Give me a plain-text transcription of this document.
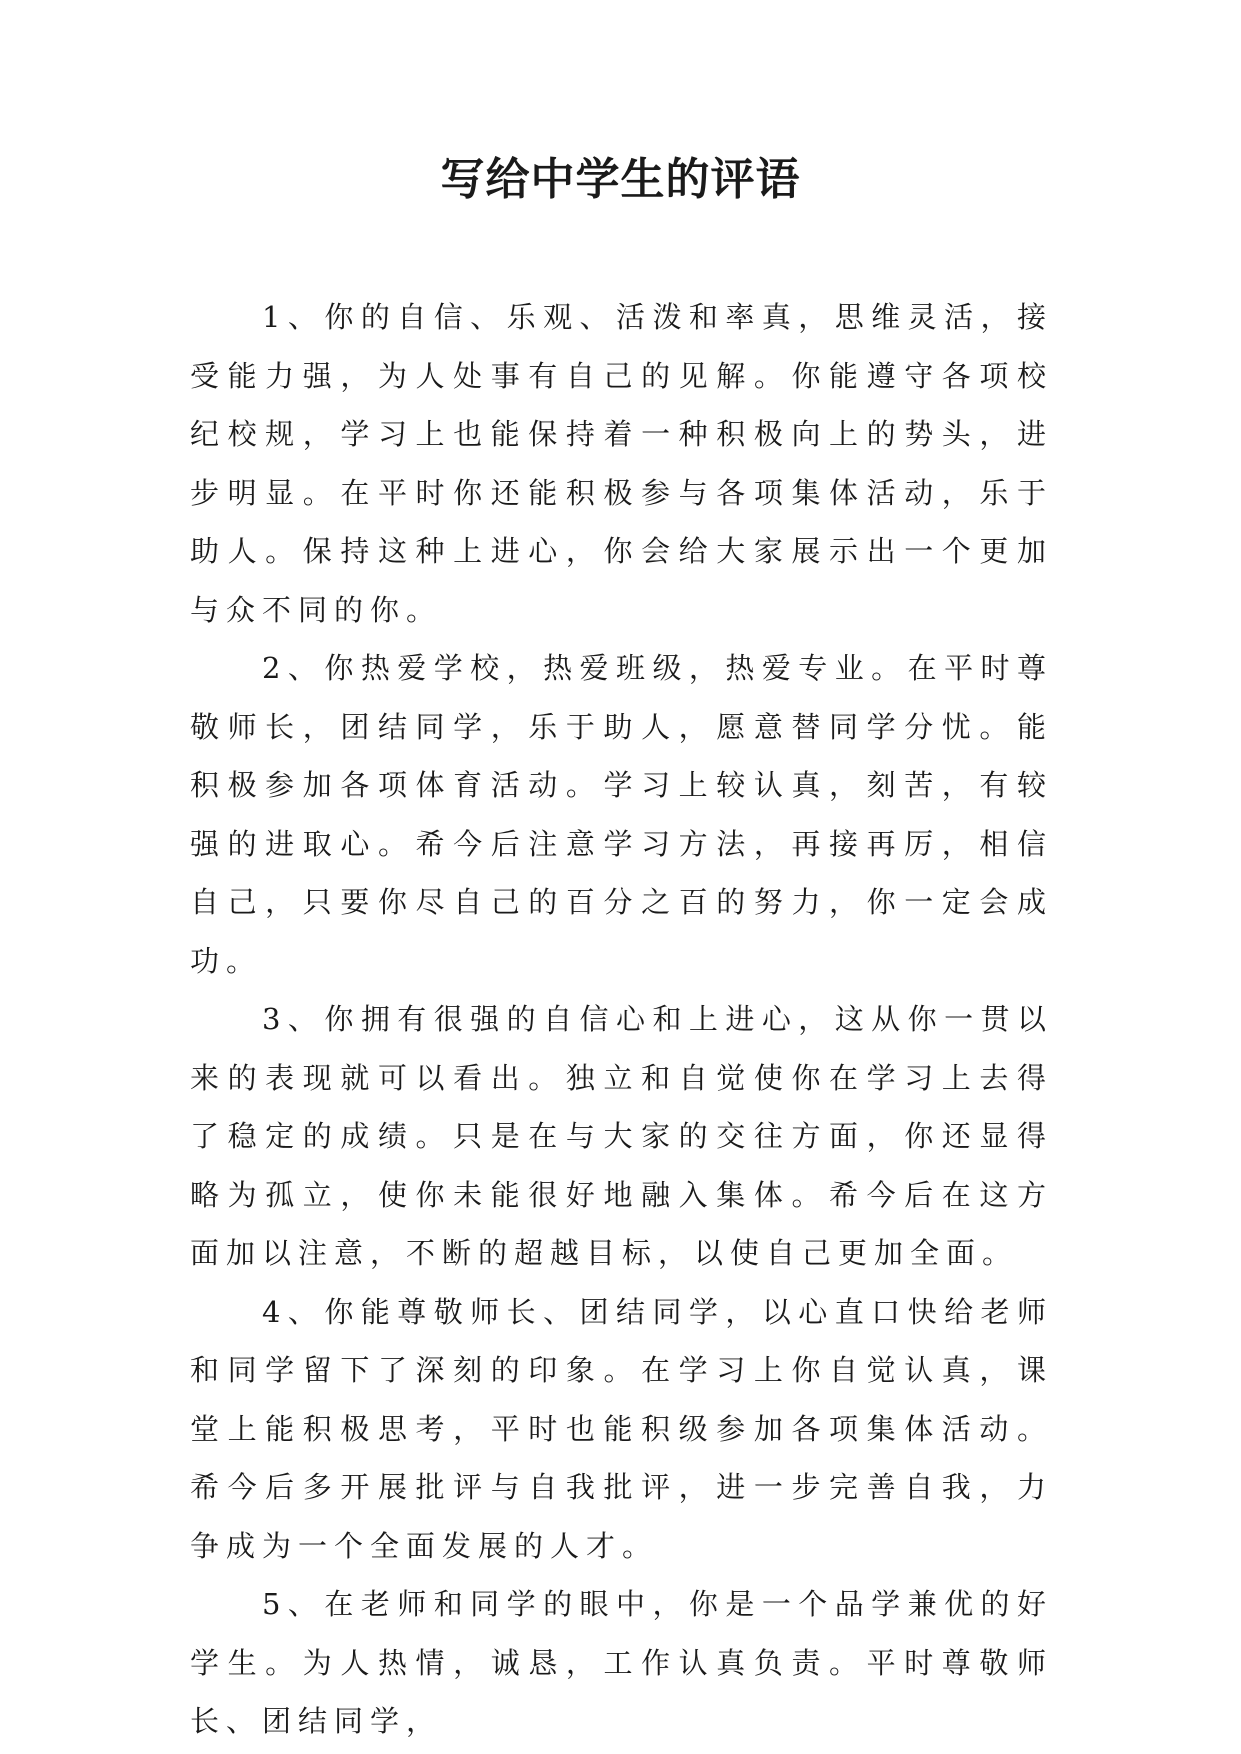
写给中学生的评语

1、你的自信、乐观、活泼和率真，思维灵活，接受能力强，为人处事有自己的见解。你能遵守各项校纪校规，学习上也能保持着一种积极向上的势头，进步明显。在平时你还能积极参与各项集体活动，乐于助人。保持这种上进心，你会给大家展示出一个更加与众不同的你。

2、你热爱学校，热爱班级，热爱专业。在平时尊敬师长，团结同学，乐于助人，愿意替同学分忧。能积极参加各项体育活动。学习上较认真，刻苦，有较强的进取心。希今后注意学习方法，再接再厉，相信自己，只要你尽自己的百分之百的努力，你一定会成功。

3、你拥有很强的自信心和上进心，这从你一贯以来的表现就可以看出。独立和自觉使你在学习上去得了稳定的成绩。只是在与大家的交往方面，你还显得略为孤立，使你未能很好地融入集体。希今后在这方面加以注意，不断的超越目标，以使自己更加全面。

4、你能尊敬师长、团结同学，以心直口快给老师和同学留下了深刻的印象。在学习上你自觉认真，课堂上能积极思考，平时也能积级参加各项集体活动。希今后多开展批评与自我批评，进一步完善自我，力争成为一个全面发展的人才。

5、在老师和同学的眼中，你是一个品学兼优的好学生。为人热情，诚恳，工作认真负责。平时尊敬师长、团结同学，
